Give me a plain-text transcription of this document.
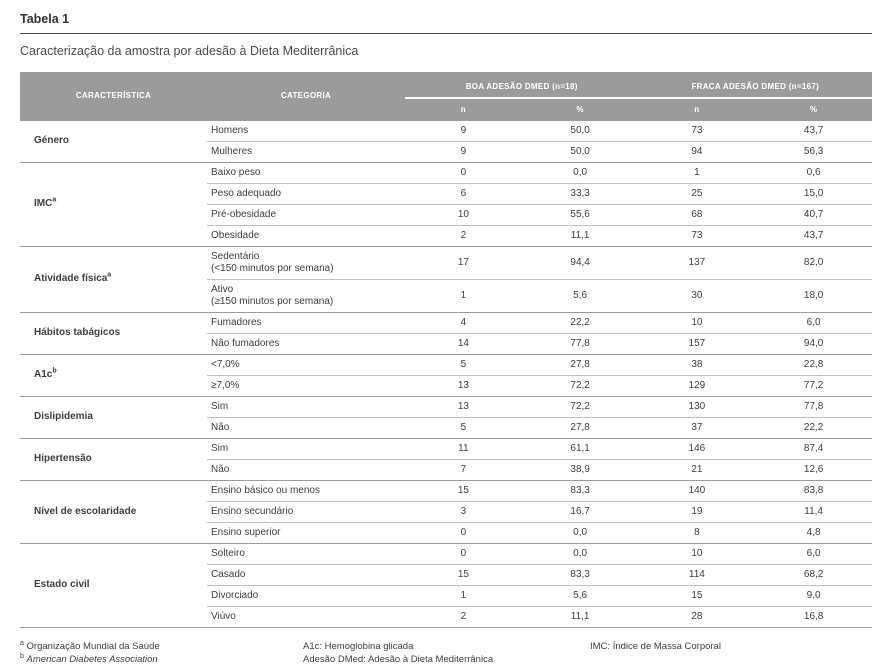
Tabela 1
Caracterização da amostra por adesão à Dieta Mediterrânica
CARACTERÍSTICA	CATEGORIA	BOA ADESÃO DMED (n=18)		FRACA ADESÃO DMED (n=167)	
		n	%	n	%
Género	Homens	9	50,0	73	43,7

	Mulheres	9	50,0	94	56,3
IMC$^a$	Baixo peso	0	0,0	1	0,6

	Peso adequado	6	33,3	25	15,0

	Pré-obesidade	10	55,6	68	40,7

	Obesidade	2	11,1	73	43,7
Atividade física$^a$	Sedentário
(<150 minutos por semana)	17	94,4	137	82,0

	Ativo
(≥150 minutos por semana)	1	5,6	30	18,0
Hábitos tabágicos	Fumadores	4	22,2	10	6,0

	Não fumadores	14	77,8	157	94,0
$A1c^b$	<7,0%	5	27,8	38	22,8

	≥7,0%	13	72,2	129	77,2
Dislipidemia	Sim	13	72,2	130	77,8

	Não	5	27,8	37	22,2
Hipertensão	Sim	11	61,1	146	87,4

	Não	7	38,9	21	12,6
Nível de escolaridade	Ensino básico ou menos	15	83,3	140	83,8

	Ensino secundário	3	16,7	19	11,4

	Ensino superior	0	0,0	8	4,8
Estado civil	Solteiro	0	0,0	10	6,0

	Casado	15	83,3	114	68,2

	Divorciado	1	5,6	15	9,0

	Viúvo	2	11,1	28	16,8
$^a$ Organização Mundial da Saúde
$^b$ American Diabetes Association
A1c: Hemoglobina glicada
Adesão DMed: Adesão à Dieta Mediterrânica
IMC: Índice de Massa Corporal
